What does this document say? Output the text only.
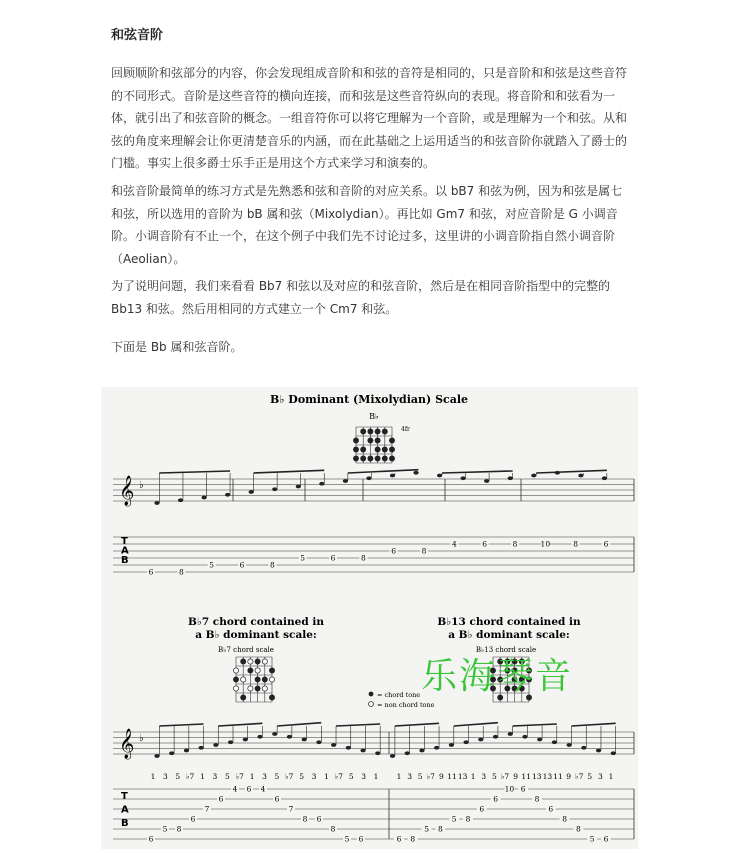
和弦音阶
回顾顺阶和弦部分的内容，你会发现组成音阶和和弦的音符是相同的，只是音阶和和弦是这些音符的不同形式。音阶是这些音符的横向连接，而和弦是这些音符纵向的表现。将音阶和和弦看为一体，就引出了和弦音阶的概念。一组音符你可以将它理解为一个音阶，或是理解为一个和弦。从和弦的角度来理解会让你更清楚音乐的内涵，而在此基础之上运用适当的和弦音阶你就踏入了爵士的门槛。事实上很多爵士乐手正是用这个方式来学习和演奏的。
和弦音阶最简单的练习方式是先熟悉和弦和音阶的对应关系。以 bB7 和弦为例，因为和弦是属七和弦，所以选用的音阶为 bB 属和弦（Mixolydian）。再比如 Gm7 和弦，对应音阶是 G 小调音阶。小调音阶有不止一个，在这个例子中我们先不讨论过多，这里讲的小调音阶指自然小调音阶（Aeolian）。
为了说明问题，我们来看看 Bb7 和弦以及对应的和弦音阶，然后是在相同音阶指型中的完整的 Bb13 和弦。然后用相同的方式建立一个 Cm7 和弦。
下面是 Bb 属和弦音阶。
B♭ Dominant (Mixolydian) Scale
B♭
4fr
𝄞 ♭
T
A
B
6	8
5	6	8
5	6	8
6	8
4	6	8	10	8	6
B♭7 chord contained in
a B♭ dominant scale:
B♭13 chord contained in
a B♭ dominant scale:
B♭7 chord scale	B♭13 chord scale
= chord tone
= non chord tone
𝄞 ♭
1 3 5 ♭7 1 3 5 ♭7 1 3 5 ♭7 5 3 1 ♭7 5 3 1 1 3 5 ♭7 9 11 13 1 3 5 ♭7 9 11 13 13 11 9 ♭7 5 3 1
T
A
B
6
5 8
6
7
6
4 6 4
6
7
8 6
8
5 6	6 8
5 8
5 8
6
6
10 6
8
6
8
8
5 6
乐海琴音
